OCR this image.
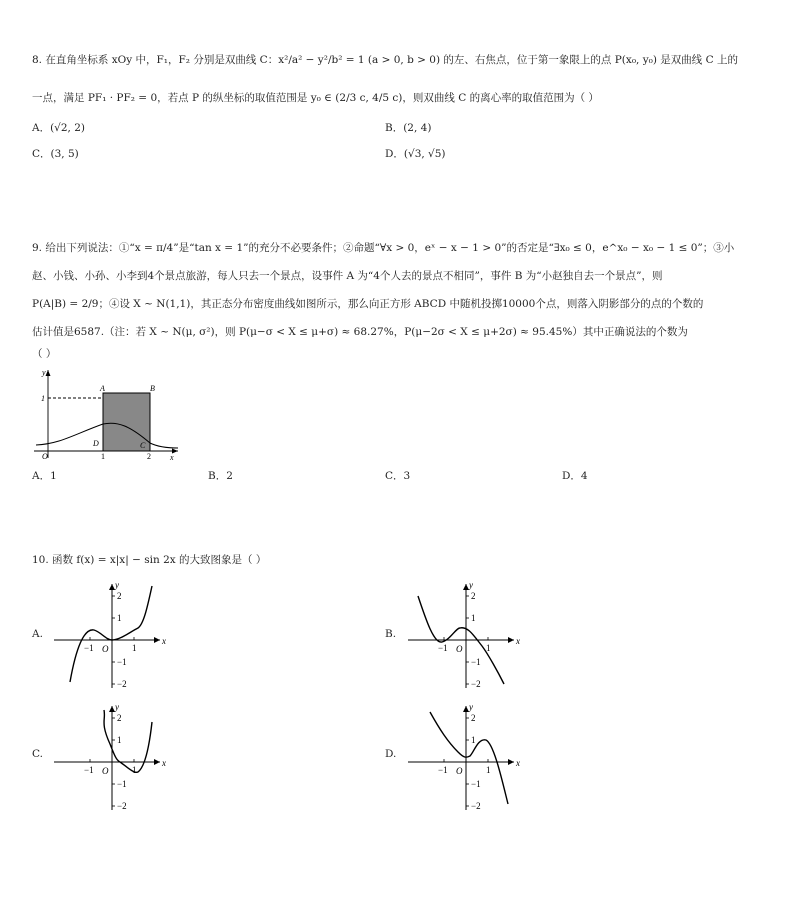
8. 在直角坐标系 xOy 中，F₁，F₂ 分别是双曲线 C：x²/a² − y²/b² = 1 (a > 0, b > 0) 的左、右焦点，位于第一象限上的点 P(x₀, y₀) 是双曲线 C 上的
一点，满足 PF₁ · PF₂ = 0，若点 P 的纵坐标的取值范围是 y₀ ∈ (2/3 c, 4/5 c)，则双曲线 C 的离心率的取值范围为（ ）
A．(√2, 2)	B．(2, 4)
C．(3, 5)	D．(√3, √5)
9. 给出下列说法：①“x = π/4”是“tan x = 1”的充分不必要条件；②命题“∀x > 0，eˣ − x − 1 > 0”的否定是“∃x₀ ≤ 0，e^x₀ − x₀ − 1 ≤ 0”；③小
赵、小钱、小孙、小李到4个景点旅游，每人只去一个景点，设事件 A 为“4个人去的景点不相同”，事件 B 为“小赵独自去一个景点”，则
P(A|B) = 2/9；④设 X ~ N(1,1)，其正态分布密度曲线如图所示，那么向正方形 ABCD 中随机投掷10000个点，则落入阴影部分的点的个数的
估计值是6587.（注：若 X ~ N(μ, σ²)，则 P(μ−σ < X ≤ μ+σ) ≈ 68.27%，P(μ−2σ < X ≤ μ+2σ) ≈ 95.45%）其中正确说法的个数为
（ ）
y
x
A	B
C
D
O
1
1	2
A．1	B．2	C．3	D．4
10. 函数 f(x) = x|x| − sin 2x 的大致图象是（ ）
A.	B.
C.	D.
2
1
−1
−2
−1	1
O
x
y
2
1
−1
−2
−1	1
O
x
y
2
1
−1
−2
−1	1
O
x
y
2
1
−1
−2
−1	1
O
x
y
